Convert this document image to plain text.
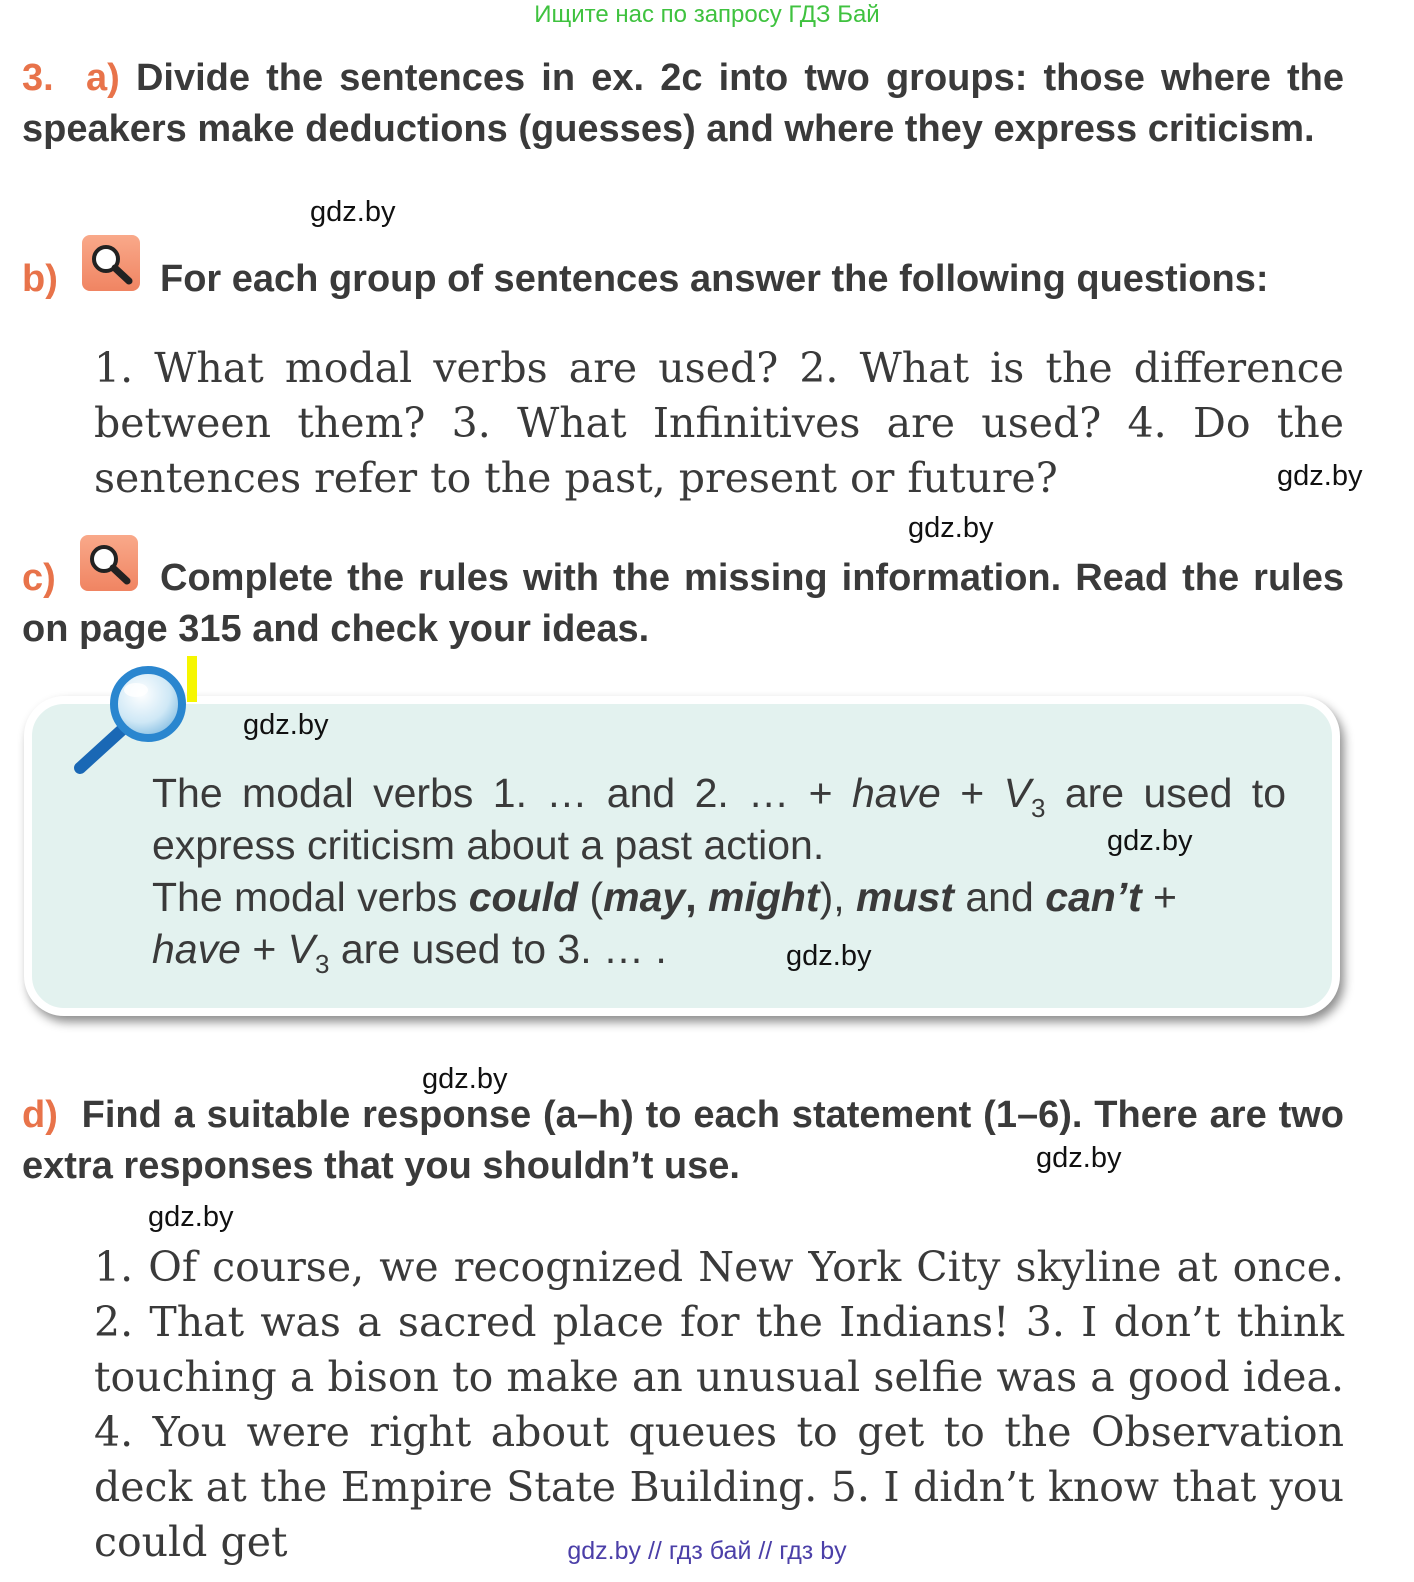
Ищите нас по запросу ГДЗ Бай
3. a) Divide the sentences in ex. 2c into two groups: those where the speakers make deductions (guesses) and where they express criticism.
gdz.by
b)	For each group of sentences answer the following questions:
1. What modal verbs are used? 2. What is the difference between them? 3. What Infinitives are used? 4. Do the sentences refer to the past, present or future?	gdz.by
gdz.by
c)	Complete the rules with the missing information. Read the rules on page 315 and check your ideas.
gdz.by

The modal verbs 1. … and 2. … + have + $V_3$ are used to express criticism about a past action.

The modal verbs could (may, might), must and can’t +
have + $V_3$ are used to 3. … .

gdz.by
gdz.by
gdz.by
d) Find a suitable response (a–h) to each statement (1–6). There are two extra responses that you shouldn’t use.	gdz.by
gdz.by
1. Of course, we recognized New York City skyline at once. 2. That was a sacred place for the Indians! 3. I don’t think touching a bison to make an unusual selfie was a good idea. 4. You were right about queues to get to the Observation deck at the Empire State Building. 5. I didn’t know that you could get	gdz.by // гдз бай // гдз by
